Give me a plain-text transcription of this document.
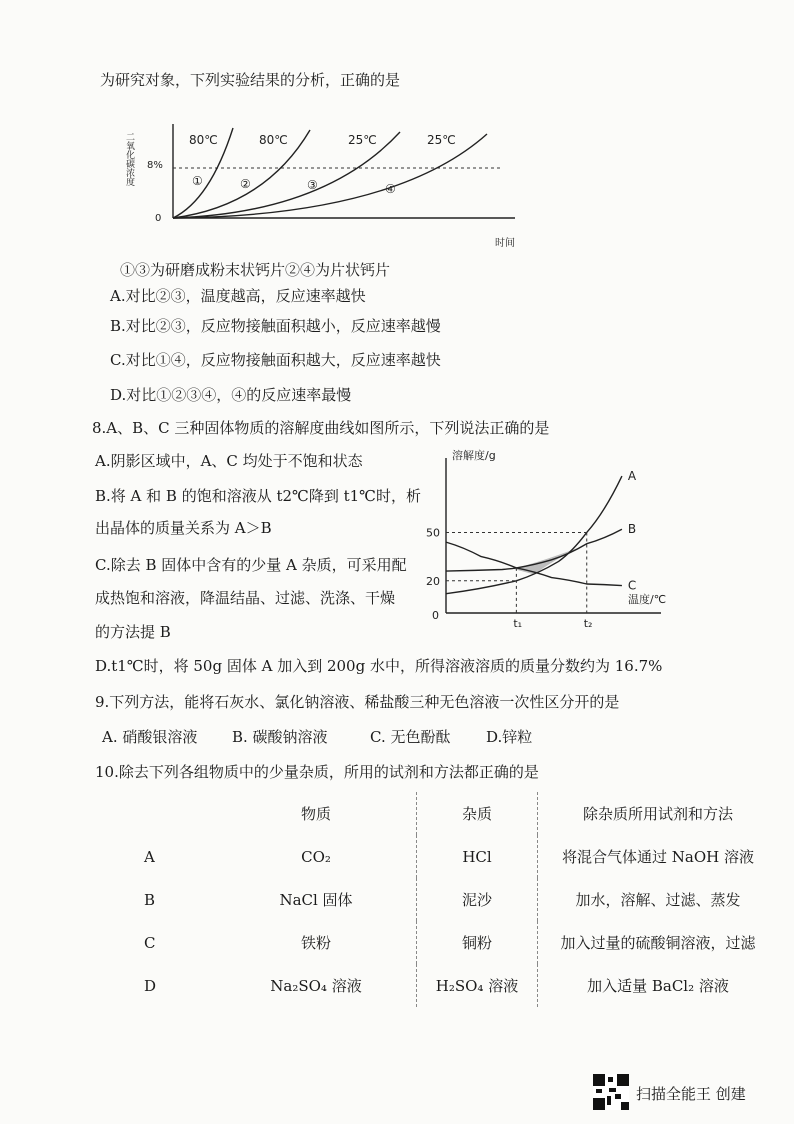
为研究对象，下列实验结果的分析，正确的是
二氧化碳浓度
0
8%
80℃	80℃	25℃	25℃
①	②	③	④
时间
①③为研磨成粉末状钙片②④为片状钙片
A.对比②③，温度越高，反应速率越快
B.对比②③，反应物接触面积越小，反应速率越慢
C.对比①④，反应物接触面积越大，反应速率越快
D.对比①②③④，④的反应速率最慢
8.A、B、C 三种固体物质的溶解度曲线如图所示，下列说法正确的是
A.阴影区域中，A、C 均处于不饱和状态
B.将 A 和 B 的饱和溶液从 t2℃降到 t1℃时，析
出晶体的质量关系为 A＞B
C.除去 B 固体中含有的少量 A 杂质，可采用配
成热饱和溶液，降温结晶、过滤、洗涤、干燥
的方法提 B
D.t1℃时，将 50g 固体 A 加入到 200g 水中，所得溶液溶质的质量分数约为 16.7%
溶解度/g
温度/℃
0
50
20
A
B
C
t₁	t₂
9.下列方法，能将石灰水、氯化钠溶液、稀盐酸三种无色溶液一次性区分开的是
A. 硝酸银溶液 B. 碳酸钠溶液	C. 无色酚酞 D.锌粒
10.除去下列各组物质中的少量杂质，所用的试剂和方法都正确的是
	物质	杂质	除杂质所用试剂和方法
A	CO₂	HCl	将混合气体通过 NaOH 溶液
B	NaCl 固体	泥沙	加水，溶解、过滤、蒸发
C	铁粉	铜粉	加入过量的硫酸铜溶液，过滤
D	Na₂SO₄ 溶液	H₂SO₄ 溶液	加入适量 BaCl₂ 溶液
扫描全能王 创建
